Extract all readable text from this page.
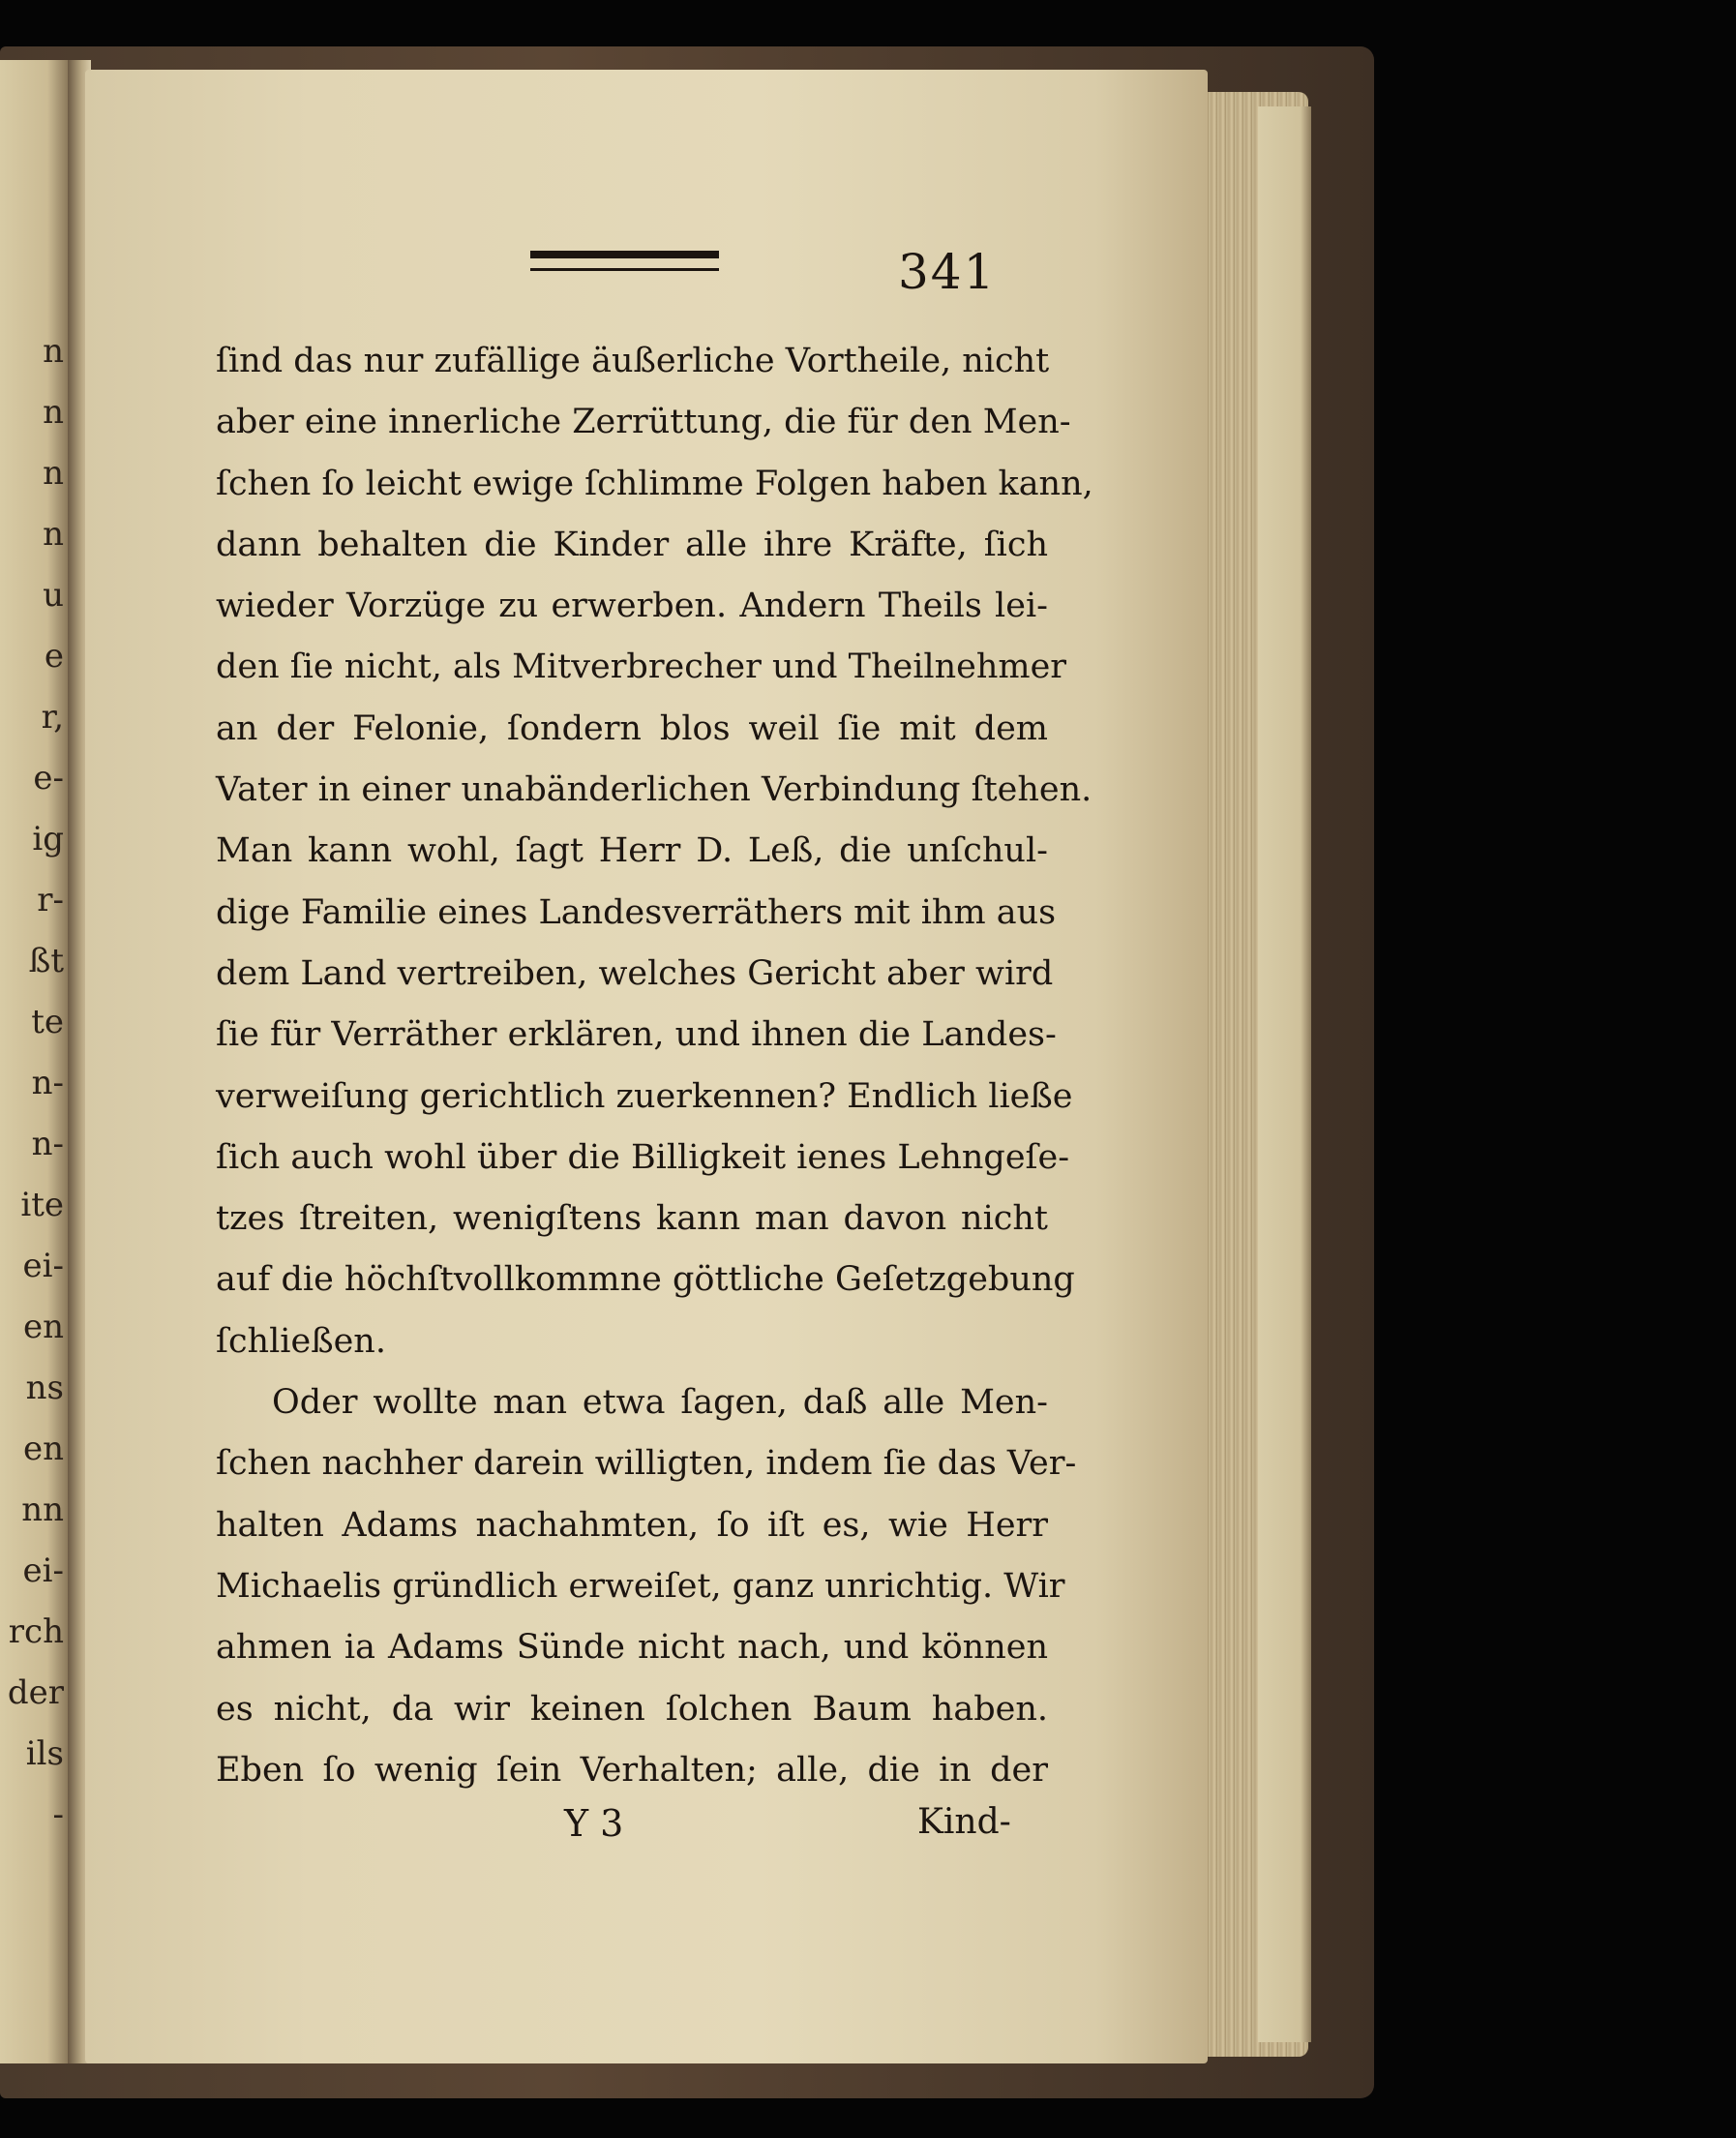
n
n
n
n
u
e
r,
e-
ig
r-
ßt
te
n-
n-
ite
ei-
en
ns
en
nn
ei-
rch
der
ils
-
341
ſind das nur zufällige äußerliche Vortheile, nicht
aber eine innerliche Zerrüttung, die für den Men-
ſchen ſo leicht ewige ſchlimme Folgen haben kann,
dann behalten die Kinder alle ihre Kräfte, ſich
wieder Vorzüge zu erwerben. Andern Theils lei-
den ſie nicht, als Mitverbrecher und Theilnehmer
an der Felonie, ſondern blos weil ſie mit dem
Vater in einer unabänderlichen Verbindung ſtehen.
Man kann wohl, ſagt Herr D. Leß, die unſchul-
dige Familie eines Landesverräthers mit ihm aus
dem Land vertreiben, welches Gericht aber wird
ſie für Verräther erklären, und ihnen die Landes-
verweiſung gerichtlich zuerkennen? Endlich ließe
ſich auch wohl über die Billigkeit ienes Lehngeſe-
tzes ſtreiten, wenigſtens kann man davon nicht
auf die höchſtvollkommne göttliche Geſetzgebung
ſchließen.
Oder wollte man etwa ſagen, daß alle Men-
ſchen nachher darein willigten, indem ſie das Ver-
halten Adams nachahmten, ſo iſt es, wie Herr
Michaelis gründlich erweiſet, ganz unrichtig. Wir
ahmen ia Adams Sünde nicht nach, und können
es nicht, da wir keinen ſolchen Baum haben.
Eben ſo wenig ſein Verhalten; alle, die in der
Y 3	Kind-
